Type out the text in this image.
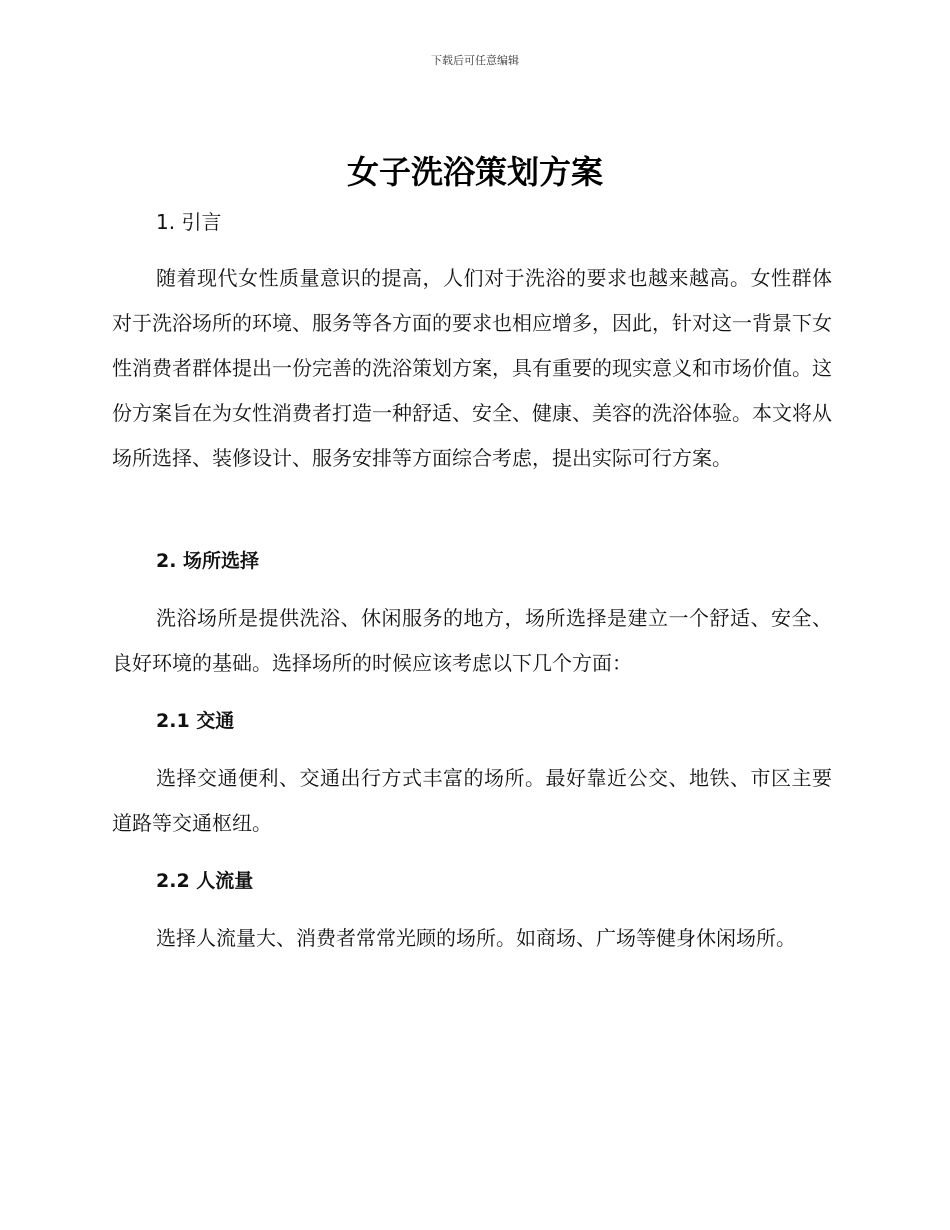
下载后可任意编辑
女子洗浴策划方案
1. 引言

随着现代女性质量意识的提高，人们对于洗浴的要求也越来越高。女性群体对于洗浴场所的环境、服务等各方面的要求也相应增多，因此，针对这一背景下女性消费者群体提出一份完善的洗浴策划方案，具有重要的现实意义和市场价值。这份方案旨在为女性消费者打造一种舒适、安全、健康、美容的洗浴体验。本文将从场所选择、装修设计、服务安排等方面综合考虑，提出实际可行方案。

2. 场所选择

洗浴场所是提供洗浴、休闲服务的地方，场所选择是建立一个舒适、安全、良好环境的基础。选择场所的时候应该考虑以下几个方面：

2.1 交通

选择交通便利、交通出行方式丰富的场所。最好靠近公交、地铁、市区主要道路等交通枢纽。

2.2 人流量

选择人流量大、消费者常常光顾的场所。如商场、广场等健身休闲场所。
